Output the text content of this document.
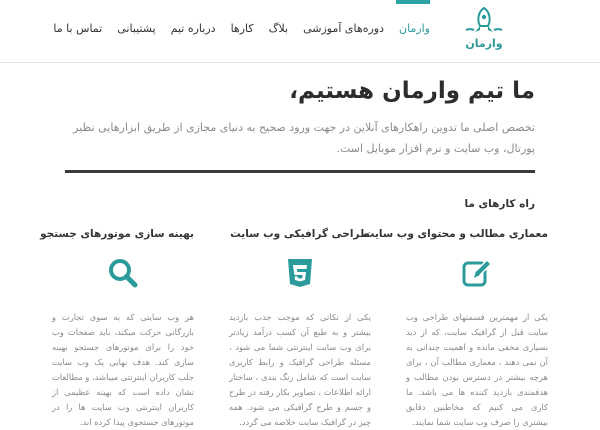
وارمان
وارمان
دوره‌های آموزشی
بلاگ
کارها
درباره تیم
پشتیبانی
تماس با ما
ما تیم وارمان هستیم،
تخصص اصلی ما تدوین راهکارهای آنلاین در جهت ورود صحیح به دنیای مجازی از طریق ابزارهایی نظیر پورتال، وب سایت و نرم افزار موبایل است.
راه کارهای ما
معماری مطالب و محتوای وب سایت
یکی از مهمترین قسمتهای طراحی وب سایت قبل از گرافیک سایت، که از دید بسیاری مخفی مانده و اهمیت چندانی به آن نمی دهند ، معماری مطالب آن ، برای هرچه بیشتر در دسترس بودن مطالب و هدفمندی بازدید کننده ها می باشد. ما کاری می کنیم که مخاطبین دقایق بیشتری را صرف وب سایت شما نمایند.
طراحی گرافیکی وب سایت
یکی از نکاتی که موجب جذب بازدید بیشتر و به طبع آن کسب درآمد زیادتر برای وب سایت اینترنتی شما می شود ، مسئله طراحی گرافیک و رابط کاربری سایت است که شامل رنگ بندی ، ساختار ارائه اطلاعات ، تصاویر بکار رفته در طرح و جسم و طرح گرافیکی می شود. همه چیز در گرافیک سایت خلاصه می گردد.
بهینه سازی موتورهای جستجو
هر وب سایتی که به سوی تجارت و بازرگانی حرکت میکند، باید صفحات وب خود را برای موتورهای جستجو بهینه سازی کند. هدف نهایی یک وب سایت جلب کاربران اینترنتی میباشد، و مطالعات نشان داده است که بهینه عظیمی از کاربران اینترنتی وب سایت ها را در موتورهای جستجوی پیدا کرده اند.
